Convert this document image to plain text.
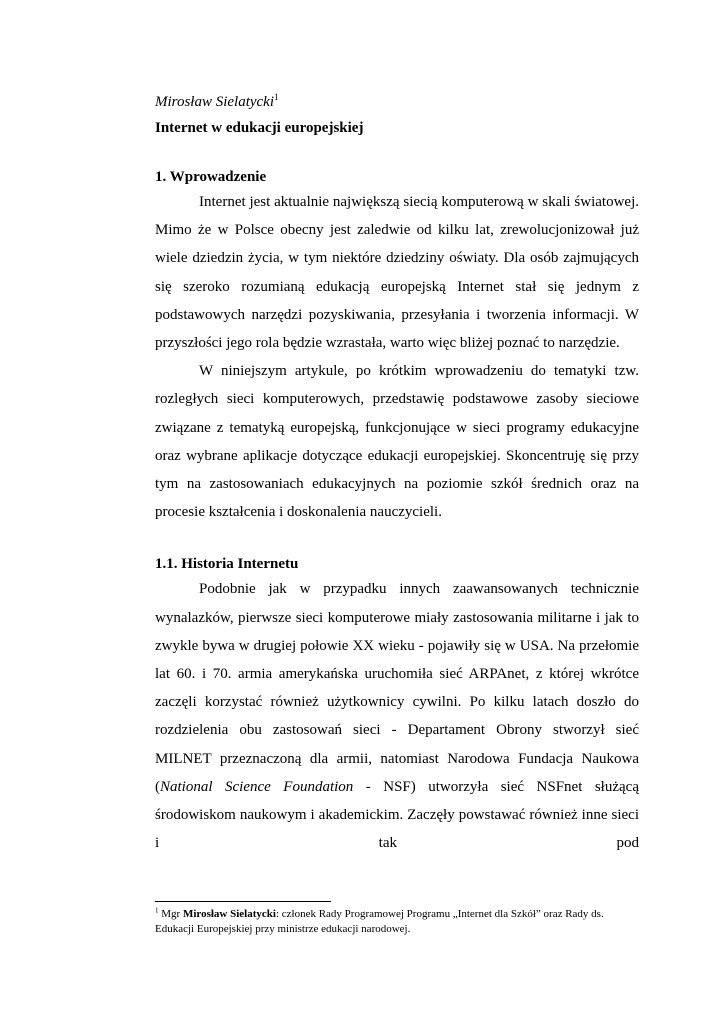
Mirosław Sielatycki$^1$

Internet w edukacji europejskiej

1. Wprowadzenie

Internet jest aktualnie największą siecią komputerową w skali światowej. Mimo że w Polsce obecny jest zaledwie od kilku lat, zrewolucjonizował już wiele dziedzin życia, w tym niektóre dziedziny oświaty. Dla osób zajmujących się szeroko rozumianą edukacją europejską Internet stał się jednym z podstawowych narzędzi pozyskiwania, przesyłania i tworzenia informacji. W przyszłości jego rola będzie wzrastała, warto więc bliżej poznać to narzędzie.

W niniejszym artykule, po krótkim wprowadzeniu do tematyki tzw. rozległych sieci komputerowych, przedstawię podstawowe zasoby sieciowe związane z tematyką europejską, funkcjonujące w sieci programy edukacyjne oraz wybrane aplikacje dotyczące edukacji europejskiej. Skoncentruję się przy tym na zastosowaniach edukacyjnych na poziomie szkół średnich oraz na procesie kształcenia i doskonalenia nauczycieli.

1.1. Historia Internetu

Podobnie jak w przypadku innych zaawansowanych technicznie wynalazków, pierwsze sieci komputerowe miały zastosowania militarne i jak to zwykle bywa w drugiej połowie XX wieku - pojawiły się w USA. Na przełomie lat 60. i 70. armia amerykańska uruchomiła sieć ARPAnet, z której wkrótce zaczęli korzystać również użytkownicy cywilni. Po kilku latach doszło do rozdzielenia obu zastosowań sieci - Departament Obrony stworzył sieć MILNET przeznaczoną dla armii, natomiast Narodowa Fundacja Naukowa (National Science Foundation - NSF) utworzyła sieć NSFnet służącą środowiskom naukowym i akademickim. Zaczęły powstawać również inne sieci i tak pod

$^1$ Mgr Mirosław Sielatycki: członek Rady Programowej Programu „Internet dla Szkół” oraz Rady ds. Edukacji Europejskiej przy ministrze edukacji narodowej.
